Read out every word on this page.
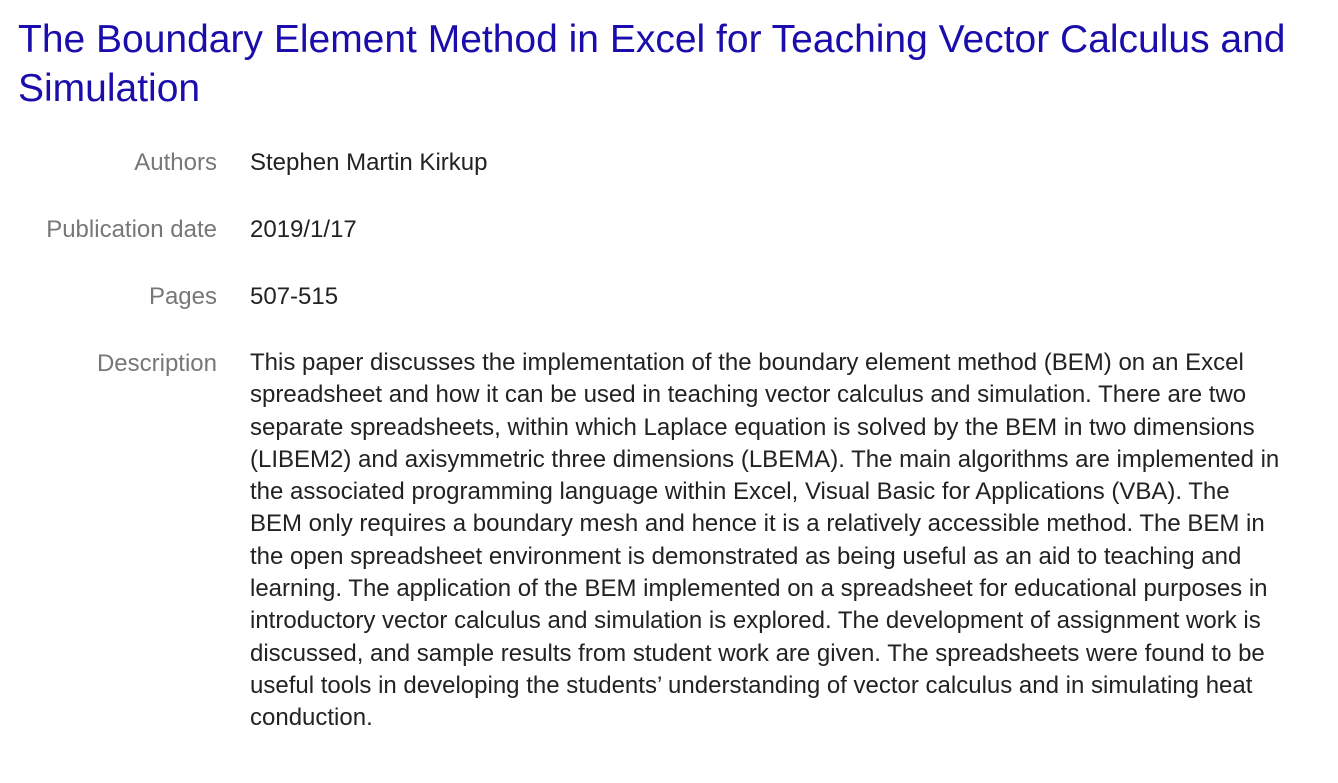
The Boundary Element Method in Excel for Teaching Vector Calculus and Simulation
Authors Stephen Martin Kirkup
Publication date 2019/1/17
Pages 507-515
Description This paper discusses the implementation of the boundary element method (BEM) on an Excel spreadsheet and how it can be used in teaching vector calculus and simulation. There are two separate spreadsheets, within which Laplace equation is solved by the BEM in two dimensions (LIBEM2) and axisymmetric three dimensions (LBEMA). The main algorithms are implemented in the associated programming language within Excel, Visual Basic for Applications (VBA). The BEM only requires a boundary mesh and hence it is a relatively accessible method. The BEM in the open spreadsheet environment is demonstrated as being useful as an aid to teaching and learning. The application of the BEM implemented on a spreadsheet for educational purposes in introductory vector calculus and simulation is explored. The development of assignment work is discussed, and sample results from student work are given. The spreadsheets were found to be useful tools in developing the students’ understanding of vector calculus and in simulating heat conduction.
